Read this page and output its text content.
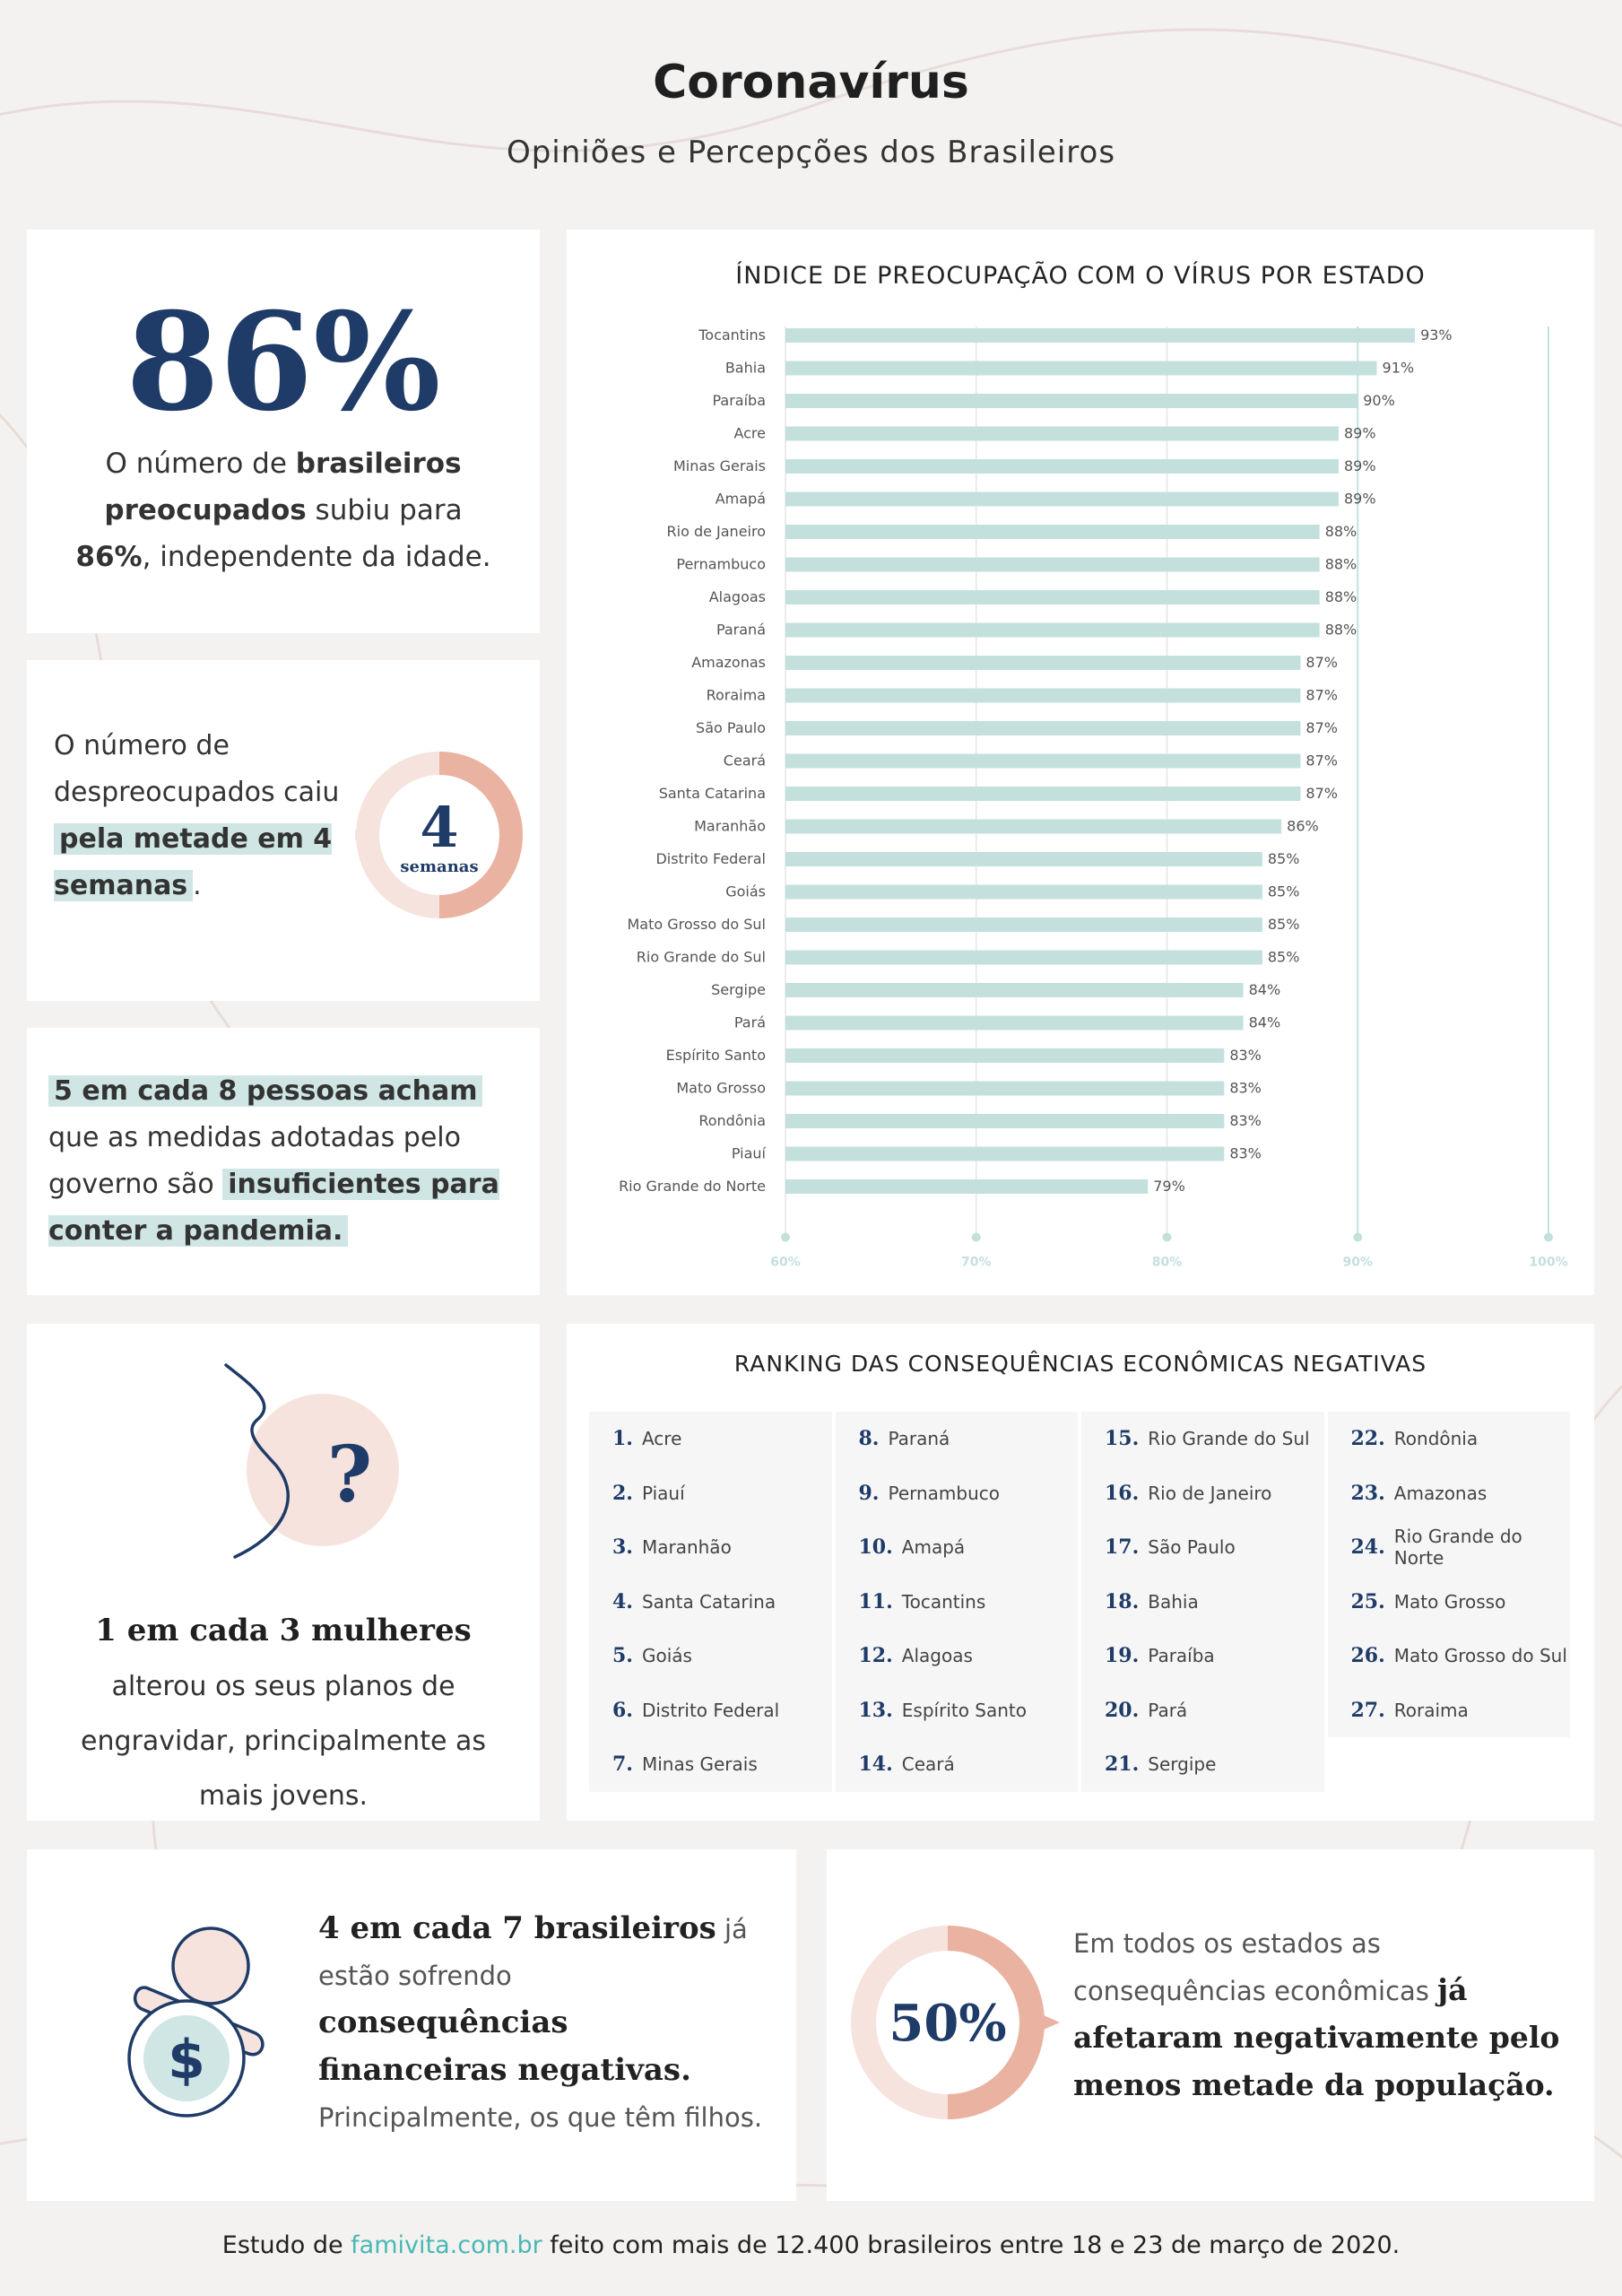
Coronavírus
Opiniões e Percepções dos Brasileiros
86%
O número de brasileiros preocupados subiu para 86%, independente da idade.
O número de despreocupados caiu pela metade em 4 semanas .
4
semanas
5 em cada 8 pessoas acham que as medidas adotadas pelo governo são insuficientes para conter a pandemia.
ÍNDICE DE PREOCUPAÇÃO COM O VÍRUS POR ESTADO
60%	70%	80%	90%	100%
Tocantins	93%
Bahia	91%
Paraíba	90%
Acre	89%
Minas Gerais	89%
Amapá	89%
Rio de Janeiro	88%
Pernambuco	88%
Alagoas	88%
Paraná	88%
Amazonas	87%
Roraima	87%
São Paulo	87%
Ceará	87%
Santa Catarina	87%
Maranhão	86%
Distrito Federal	85%
Goiás	85%
Mato Grosso do Sul	85%
Rio Grande do Sul	85%
Sergipe	84%
Pará	84%
Espírito Santo	83%
Mato Grosso	83%
Rondônia	83%
Piauí	83%
Rio Grande do Norte	79%
?
1 em cada 3 mulheres alterou os seus planos de engravidar, principalmente as mais jovens.
RANKING DAS CONSEQUÊNCIAS ECONÔMICAS NEGATIVAS
1. Acre
2. Piauí
3. Maranhão
4. Santa Catarina
5. Goiás
6. Distrito Federal
7. Minas Gerais
8. Paraná
9. Pernambuco
10. Amapá
11. Tocantins
12. Alagoas
13. Espírito Santo
14. Ceará
15. Rio Grande do Sul
16. Rio de Janeiro
17. São Paulo
18. Bahia
19. Paraíba
20. Pará
21. Sergipe
22. Rondônia
23. Amazonas
24. Rio Grande do Norte
25. Mato Grosso
26. Mato Grosso do Sul
27. Roraima
$
4 em cada 7 brasileiros já estão sofrendo consequências financeiras negativas. Principalmente, os que têm filhos.
50%
Em todos os estados as consequências econômicas já afetaram negativamente pelo menos metade da população.
Estudo de famivita.com.br feito com mais de 12.400 brasileiros entre 18 e 23 de março de 2020.
